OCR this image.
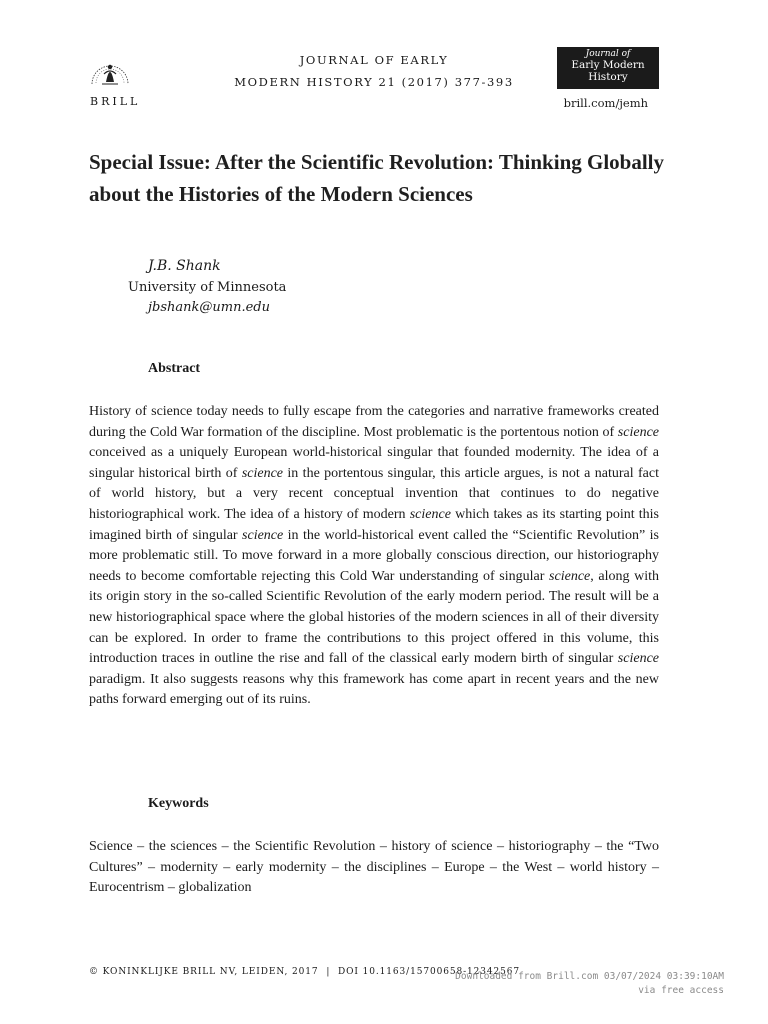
BRILL
JOURNAL OF EARLY
MODERN HISTORY 21 (2017) 377-393
Journal of
Early Modern
History
brill.com/jemh
Special Issue: After the Scientific Revolution: Thinking Globally about the Histories of the Modern Sciences
J.B. Shank
University of Minnesota
jbshank@umn.edu
Abstract
History of science today needs to fully escape from the categories and narrative frameworks created during the Cold War formation of the discipline. Most problematic is the portentous notion of science conceived as a uniquely European world-historical singular that founded modernity. The idea of a singular historical birth of science in the portentous singular, this article argues, is not a natural fact of world history, but a very recent conceptual invention that continues to do negative historiographical work. The idea of a history of modern science which takes as its starting point this imagined birth of singular science in the world-historical event called the “Scientific Revolution” is more problematic still. To move forward in a more globally conscious direction, our historiography needs to become comfortable rejecting this Cold War understanding of singular science, along with its origin story in the so-called Scientific Revolution of the early modern period. The result will be a new historiographical space where the global histories of the modern sciences in all of their diversity can be explored. In order to frame the contributions to this project offered in this volume, this introduction traces in outline the rise and fall of the classical early modern birth of singular science paradigm. It also suggests reasons why this framework has come apart in recent years and the new paths forward emerging out of its ruins.
Keywords
Science – the sciences – the Scientific Revolution – history of science – historiography – the “Two Cultures” – modernity – early modernity – the disciplines – Europe – the West – world history – Eurocentrism – globalization
© KONINKLIJKE BRILL NV, LEIDEN, 2017 | DOI 10.1163/15700658-12342567
Downloaded from Brill.com 03/07/2024 03:39:10AM
via free access
